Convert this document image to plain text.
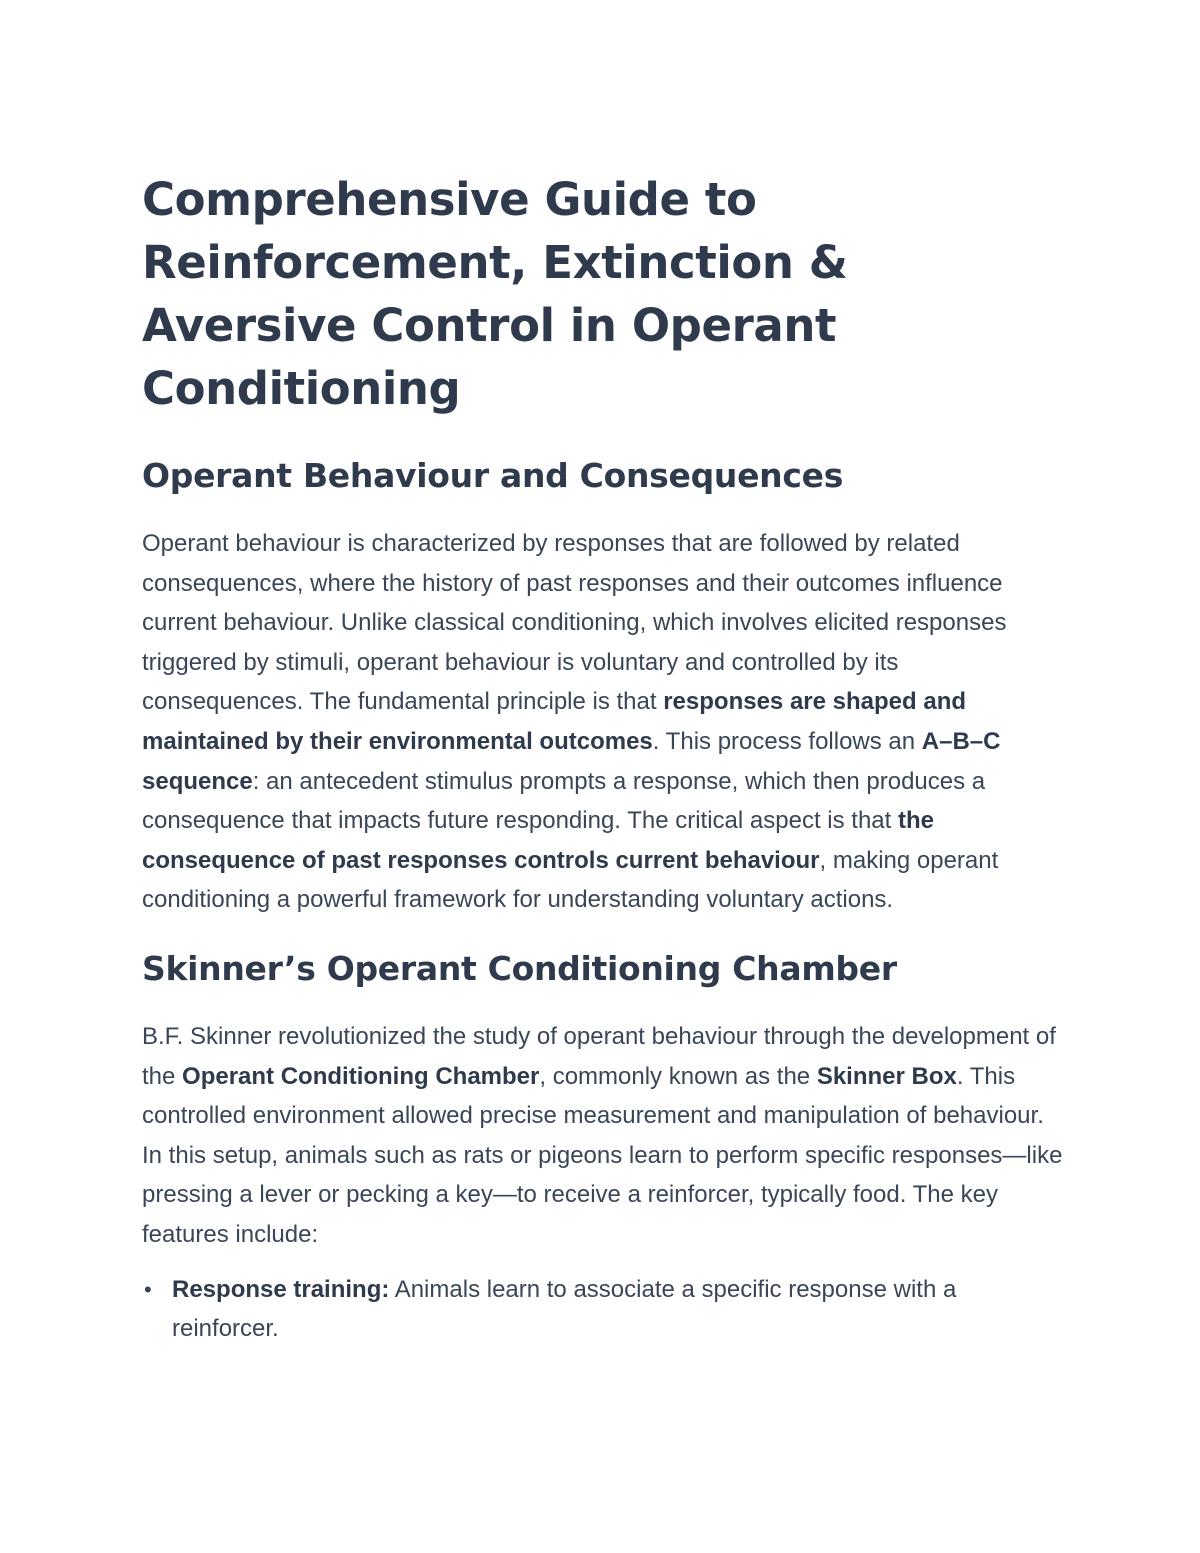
Comprehensive Guide to Reinforcement, Extinction & Aversive Control in Operant Conditioning
Operant Behaviour and Consequences

Operant behaviour is characterized by responses that are followed by related consequences, where the history of past responses and their outcomes influence current behaviour. Unlike classical conditioning, which involves elicited responses triggered by stimuli, operant behaviour is voluntary and controlled by its consequences. The fundamental principle is that responses are shaped and maintained by their environmental outcomes. This process follows an A–B–C sequence: an antecedent stimulus prompts a response, which then produces a consequence that impacts future responding. The critical aspect is that the consequence of past responses controls current behaviour, making operant conditioning a powerful framework for understanding voluntary actions.

Skinner’s Operant Conditioning Chamber

B.F. Skinner revolutionized the study of operant behaviour through the development of the Operant Conditioning Chamber, commonly known as the Skinner Box. This controlled environment allowed precise measurement and manipulation of behaviour. In this setup, animals such as rats or pigeons learn to perform specific responses—like pressing a lever or pecking a key—to receive a reinforcer, typically food. The key features include:

• Response training: Animals learn to associate a specific response with a reinforcer.
